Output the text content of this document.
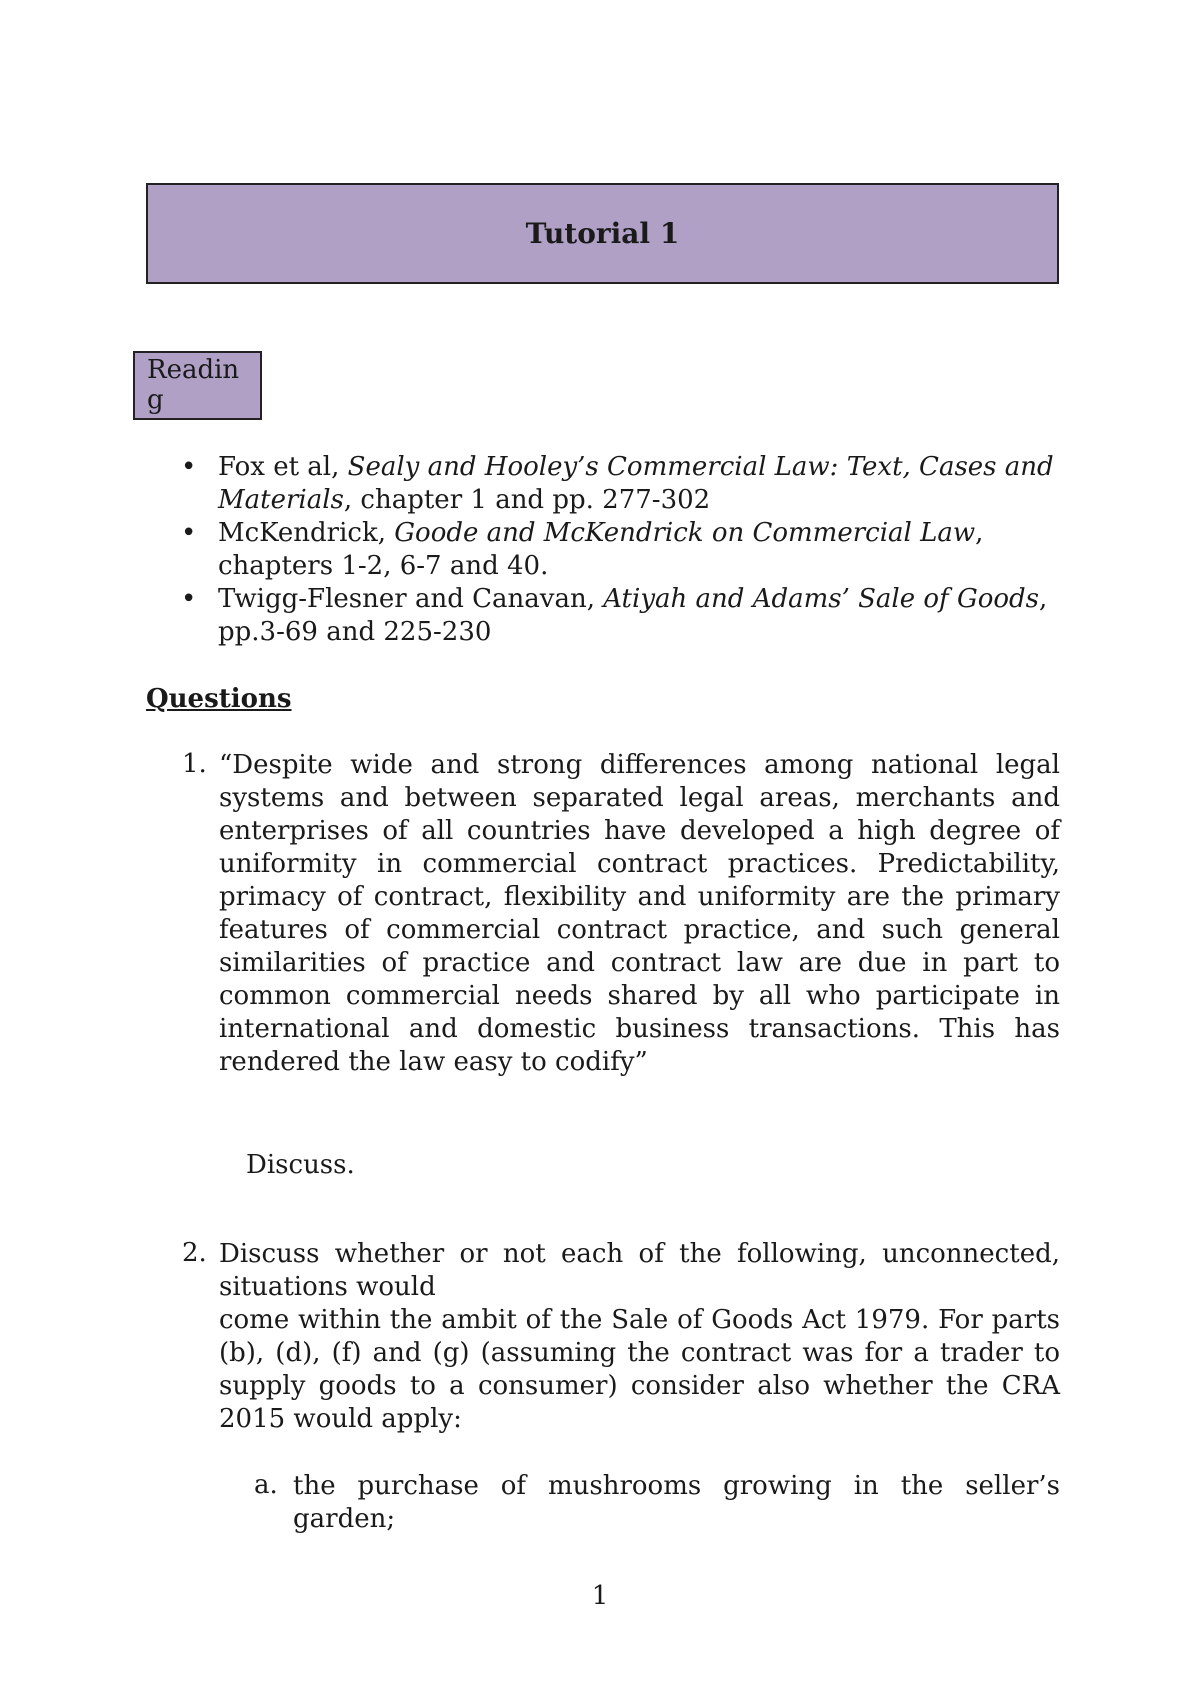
Tutorial 1
Reading
• Fox et al, Sealy and Hooley’s Commercial Law: Text, Cases and Materials, chapter 1 and pp. 277-302
• McKendrick, Goode and McKendrick on Commercial Law, chapters 1-2, 6-7 and 40.
• Twigg-Flesner and Canavan, Atiyah and Adams’ Sale of Goods, pp.3-69 and 225-230
Questions
1. “Despite wide and strong differences among national legal systems and between separated legal areas, merchants and enterprises of all countries have developed a high degree of uniformity in commercial contract practices. Predictability, primacy of contract, flexibility and uniformity are the primary features of commercial contract practice, and such general similarities of practice and contract law are due in part to common commercial needs shared by all who participate in international and domestic business transactions. This has rendered the law easy to codify”
Discuss.
2. Discuss whether or not each of the following, unconnected, situations would
come within the ambit of the Sale of Goods Act 1979. For parts (b), (d), (f) and (g) (assuming the contract was for a trader to supply goods to a consumer) consider also whether the CRA 2015 would apply:
a. the purchase of mushrooms growing in the seller’s garden;
1
